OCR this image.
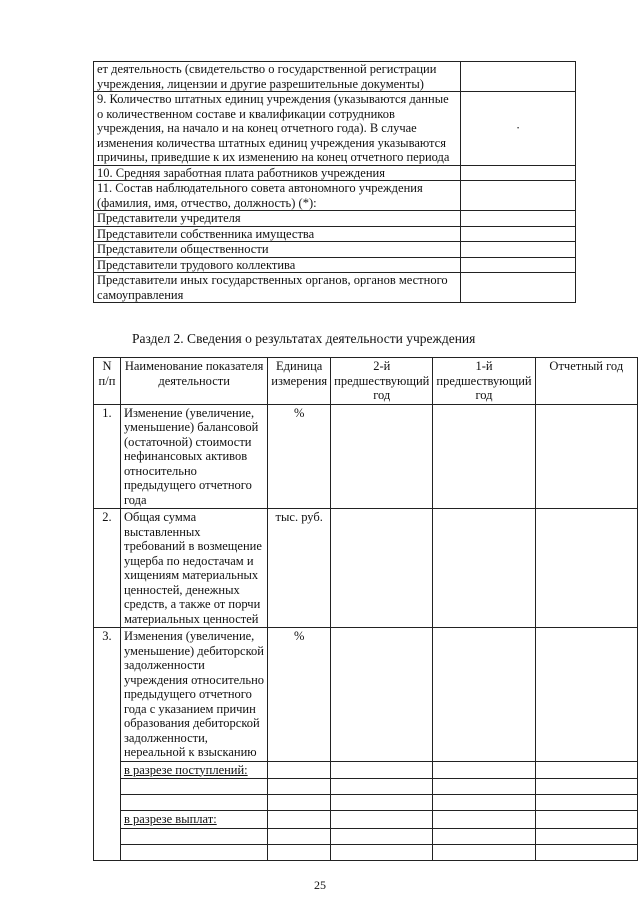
ет деятельность (свидетельство о государственной регистрации учреждения, лицензии и другие разрешительные документы)	
9. Количество штатных единиц учреждения (указываются данные о количественном составе и квалификации сотрудников учреждения, на начало и на конец отчетного года). В случае изменения количества штатных единиц учреждения указываются причины, приведшие к их изменению на конец отчетного периода	·
10. Средняя заработная плата работников учреждения	
11. Состав наблюдательного совета автономного учреждения (фамилия, имя, отчество, должность) (*):	
Представители учредителя	
Представители собственника имущества	
Представители общественности	
Представители трудового коллектива	
Представители иных государственных органов, органов местного самоуправления	
Раздел 2. Сведения о результатах деятельности учреждения
N п/п	Наименование показателя деятельности	Единица измерения	2-й предшествующий год	1-й предшествующий год	Отчетный год
1.	Изменение (увеличение, уменьшение) балансовой (остаточной) стоимости нефинансовых активов относительно предыдущего отчетного года	%			
2.	Общая сумма выставленных требований в возмещение ущерба по недостачам и хищениям материальных ценностей, денежных средств, а также от порчи материальных ценностей	тыс. руб.			
3.	Изменения (увеличение, уменьшение) дебиторской задолженности учреждения относительно предыдущего отчетного года с указанием причин образования дебиторской задолженности, нереальной к взысканию	%			
	в разрезе поступлений:				

	в разрезе выплат:				

25
